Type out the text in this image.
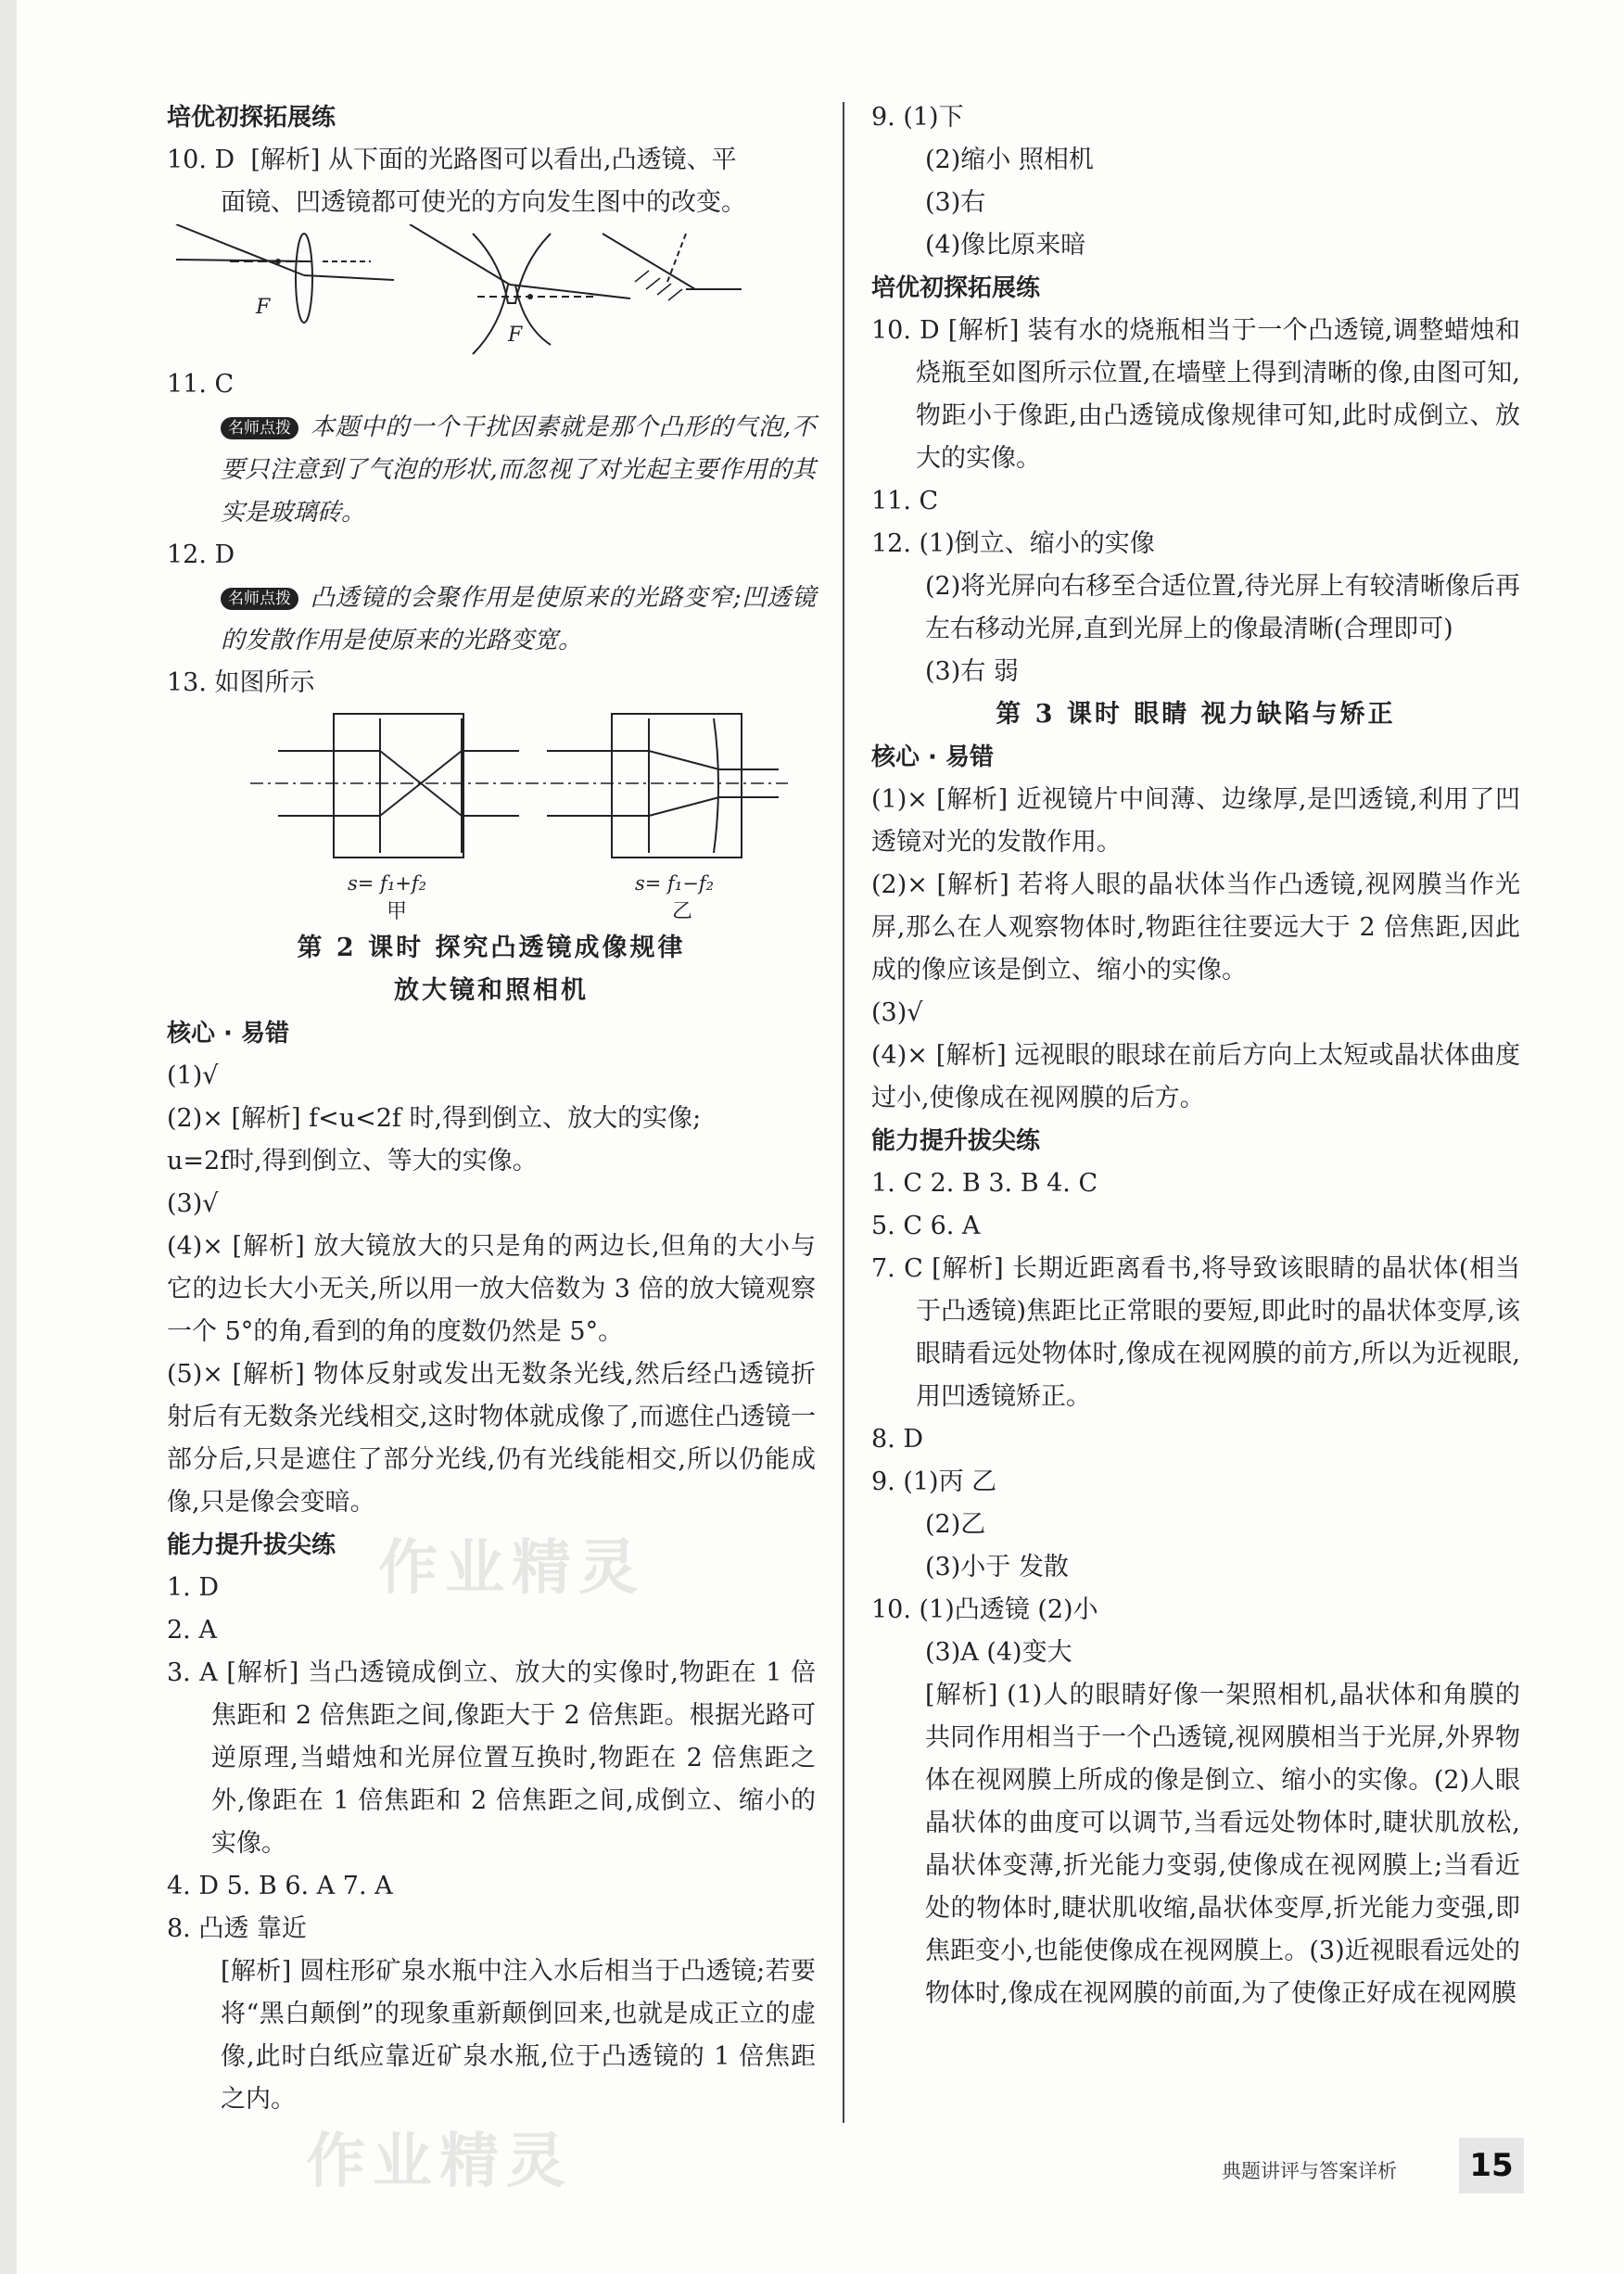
作业精灵
作业精灵
培优初探拓展练
10. D [解析] 从下面的光路图可以看出,凸透镜、平
面镜、凹透镜都可使光的方向发生图中的改变。
F
F
11. C
名师点拨 本题中的一个干扰因素就是那个凸形的气泡,不要只注意到了气泡的形状,而忽视了对光起主要作用的其实是玻璃砖。
12. D
名师点拨 凸透镜的会聚作用是使原来的光路变窄;凹透镜的发散作用是使原来的光路变宽。
13. 如图所示
s= f₁+f₂
甲
s= f₁−f₂
乙
第 2 课时 探究凸透镜成像规律
放大镜和照相机
核心 · 易错
(1)√
(2)× [解析] f<u<2f 时,得到倒立、放大的实像;
u=2f时,得到倒立、等大的实像。
(3)√
(4)× [解析] 放大镜放大的只是角的两边长,但角的大小与它的边长大小无关,所以用一放大倍数为 3 倍的放大镜观察一个 5°的角,看到的角的度数仍然是 5°。
(5)× [解析] 物体反射或发出无数条光线,然后经凸透镜折射后有无数条光线相交,这时物体就成像了,而遮住凸透镜一部分后,只是遮住了部分光线,仍有光线能相交,所以仍能成像,只是像会变暗。
能力提升拔尖练
1. D
2. A
3. A [解析] 当凸透镜成倒立、放大的实像时,物距在 1 倍焦距和 2 倍焦距之间,像距大于 2 倍焦距。根据光路可逆原理,当蜡烛和光屏位置互换时,物距在 2 倍焦距之外,像距在 1 倍焦距和 2 倍焦距之间,成倒立、缩小的实像。
4. D 5. B 6. A 7. A
8. 凸透 靠近
[解析] 圆柱形矿泉水瓶中注入水后相当于凸透镜;若要将“黑白颠倒”的现象重新颠倒回来,也就是成正立的虚像,此时白纸应靠近矿泉水瓶,位于凸透镜的 1 倍焦距之内。
9. (1)下
(2)缩小 照相机
(3)右
(4)像比原来暗
培优初探拓展练
10. D [解析] 装有水的烧瓶相当于一个凸透镜,调整蜡烛和烧瓶至如图所示位置,在墙壁上得到清晰的像,由图可知,物距小于像距,由凸透镜成像规律可知,此时成倒立、放大的实像。
11. C
12. (1)倒立、缩小的实像
(2)将光屏向右移至合适位置,待光屏上有较清晰像后再左右移动光屏,直到光屏上的像最清晰(合理即可)
(3)右 弱
第 3 课时 眼睛 视力缺陷与矫正
核心 · 易错
(1)× [解析] 近视镜片中间薄、边缘厚,是凹透镜,利用了凹透镜对光的发散作用。
(2)× [解析] 若将人眼的晶状体当作凸透镜,视网膜当作光屏,那么在人观察物体时,物距往往要远大于 2 倍焦距,因此成的像应该是倒立、缩小的实像。
(3)√
(4)× [解析] 远视眼的眼球在前后方向上太短或晶状体曲度过小,使像成在视网膜的后方。
能力提升拔尖练
1. C 2. B 3. B 4. C
5. C 6. A
7. C [解析] 长期近距离看书,将导致该眼睛的晶状体(相当于凸透镜)焦距比正常眼的要短,即此时的晶状体变厚,该眼睛看远处物体时,像成在视网膜的前方,所以为近视眼,用凹透镜矫正。
8. D
9. (1)丙 乙
(2)乙
(3)小于 发散
10. (1)凸透镜 (2)小
(3)A (4)变大
[解析] (1)人的眼睛好像一架照相机,晶状体和角膜的共同作用相当于一个凸透镜,视网膜相当于光屏,外界物体在视网膜上所成的像是倒立、缩小的实像。(2)人眼晶状体的曲度可以调节,当看远处物体时,睫状肌放松,晶状体变薄,折光能力变弱,使像成在视网膜上;当看近处的物体时,睫状肌收缩,晶状体变厚,折光能力变强,即焦距变小,也能使像成在视网膜上。(3)近视眼看远处的物体时,像成在视网膜的前面,为了使像正好成在视网膜
典题讲评与答案详析	15
